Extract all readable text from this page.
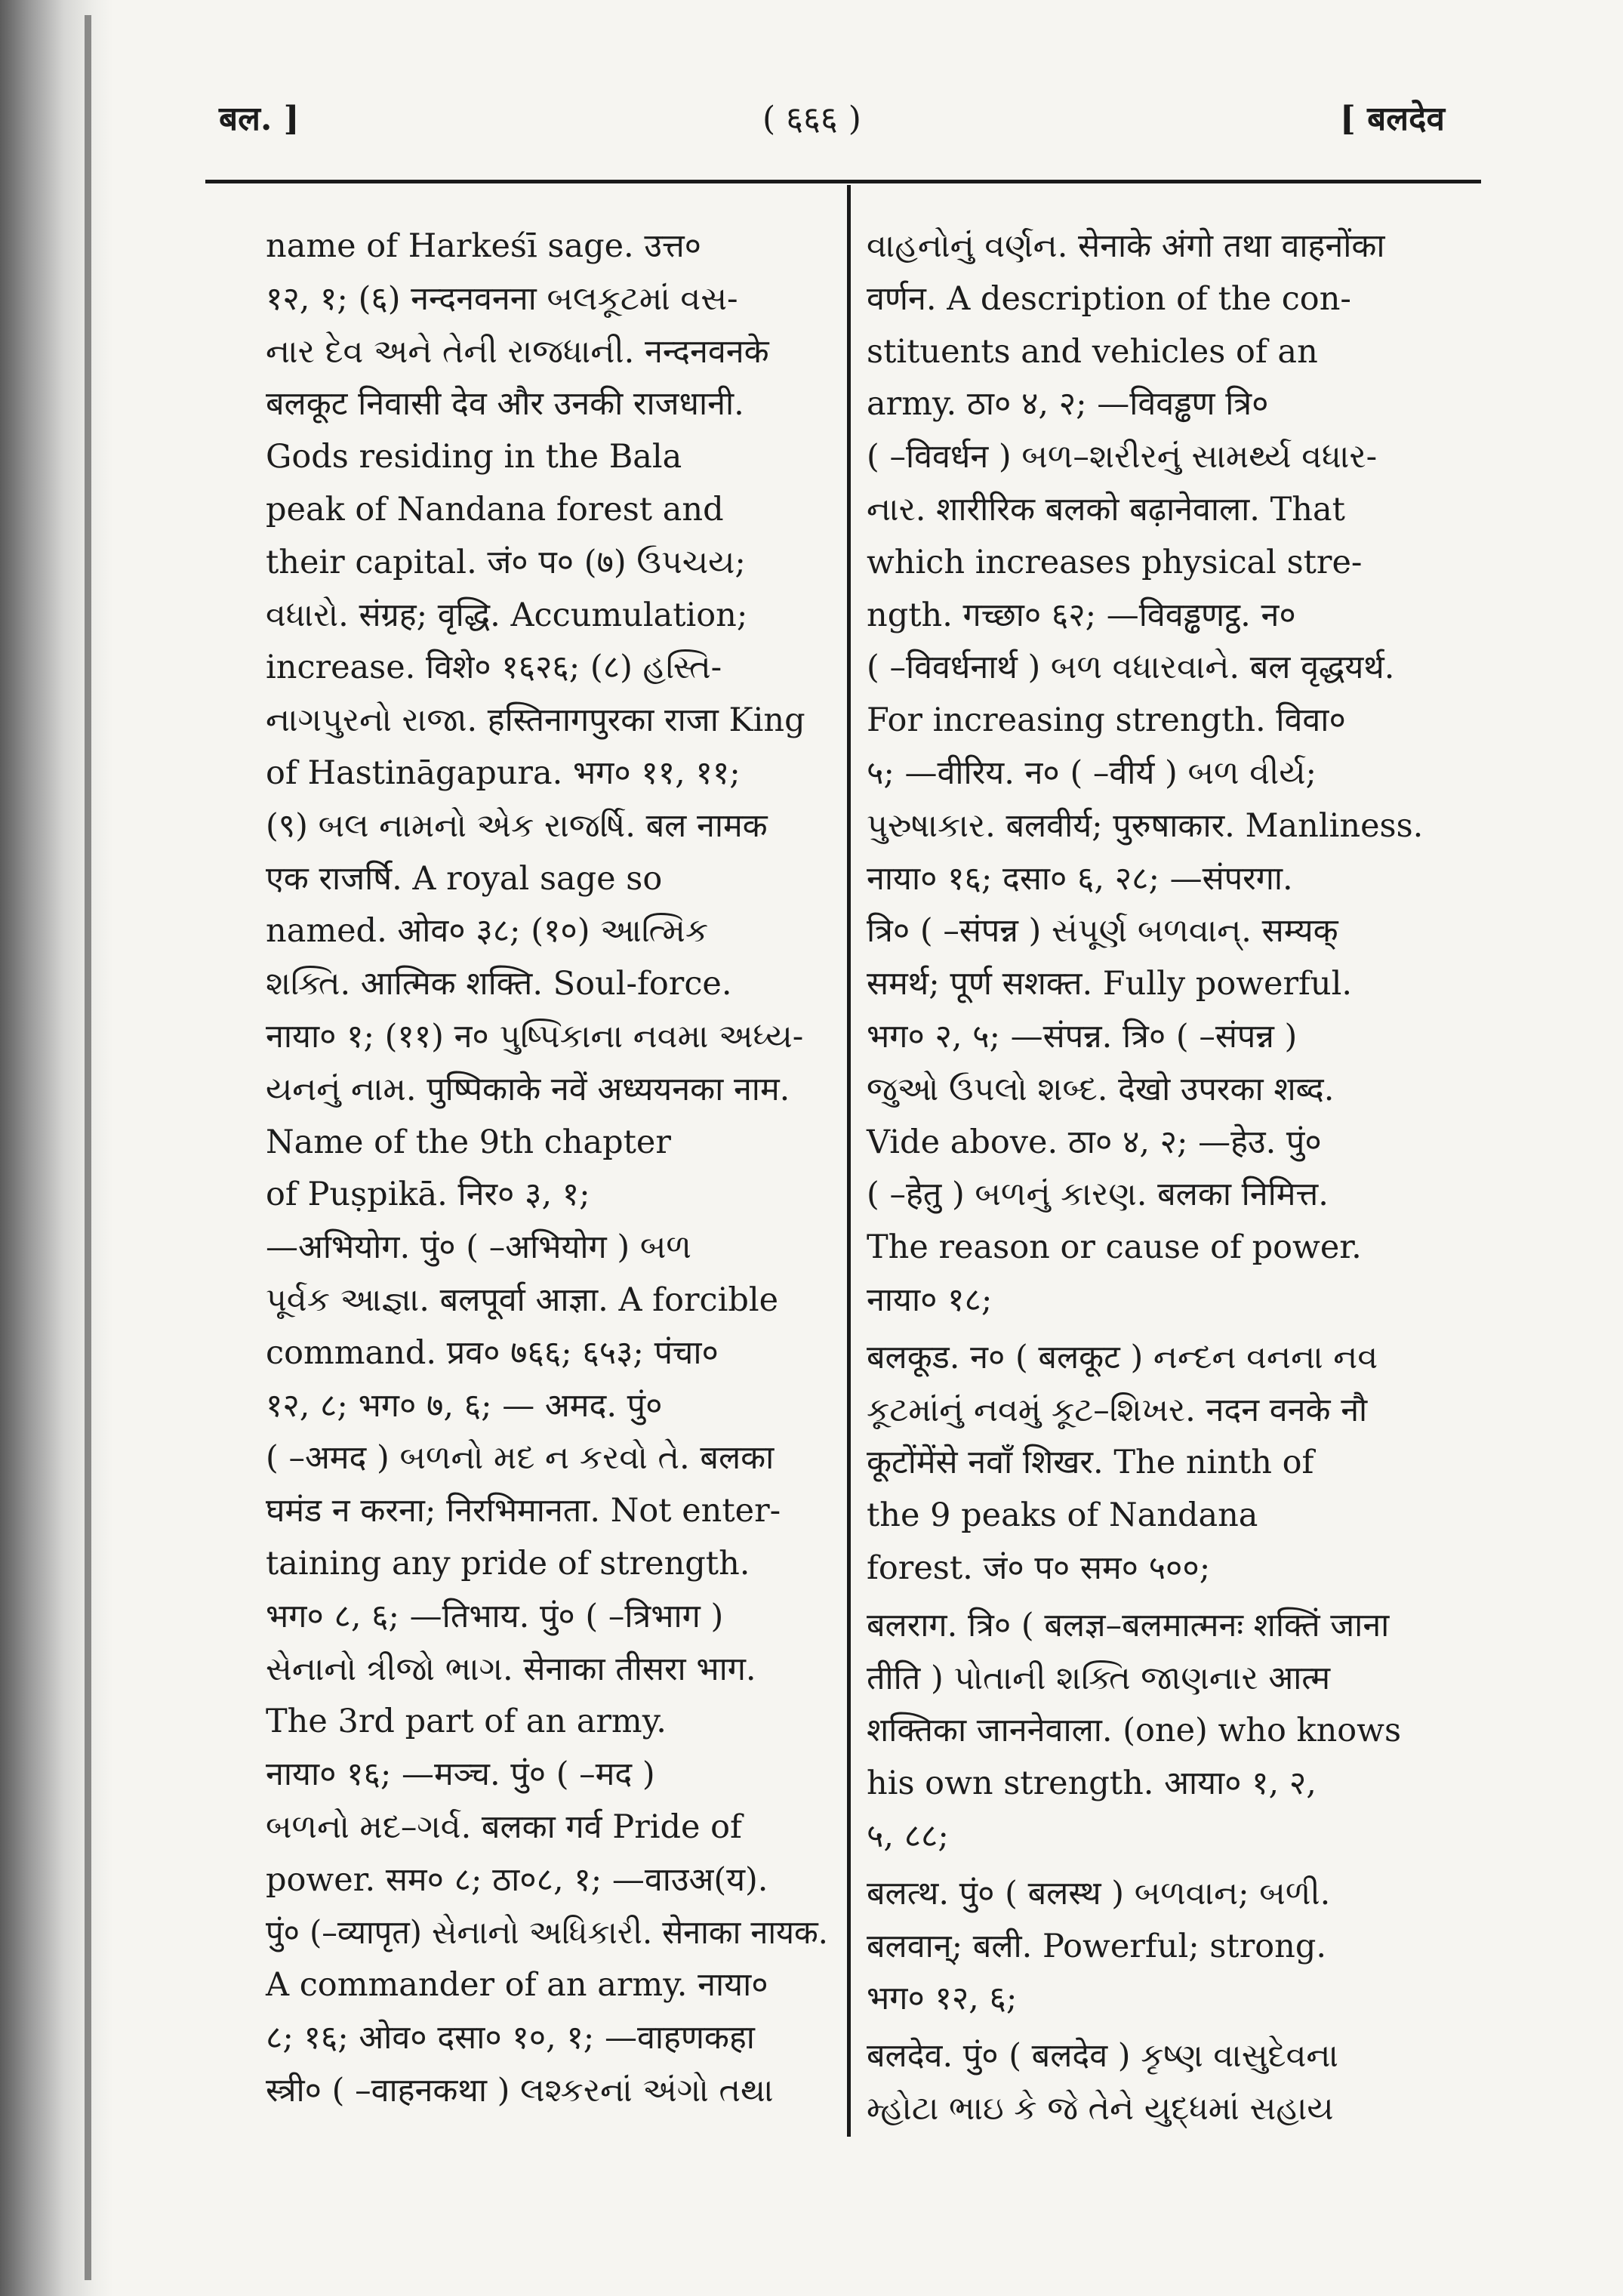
बल. ]	( ६६६ )	[ बलदेव
name of Harkeśī sage. उत्त०
१२, १; (६) नन्दनवनना બલકૂટમાં વસ-
નાર દેવ અને તેની રાજધાની. नन्दनवनके
बलकूट निवासी देव और उनकी राजधानी.
Gods residing in the Bala
peak of Nandana forest and
their capital. जं० प० (७) ઉપચય;
વધારો. संग्रह; वृद्धि. Accumulation;
increase. विशे० १६२६; (८) હસ્તિ-
નાગપુરનો રાજા. हस्तिनागपुरका राजा King
of Hastināgapura. भग० ११, ११;
(९) બલ નામનો એક રાજર્ષિ. बल नामक
एक राजर्षि. A royal sage so
named. ओव० ३८; (१०) આત્મિક
શક્તિ. आत्मिक शक्ति. Soul-force.
नाया० १; (११) न० પુષ્પિકાના નવમા અધ્ય-
યનનું નામ. पुष्पिकाके नवें अध्ययनका नाम.
Name of the 9th chapter
of Puṣpikā. निर० ३, १;
—अभियोग. पुं० ( –अभियोग ) બળ
પૂર્વક આજ્ઞા. बलपूर्वा आज्ञा. A forcible
command. प्रव० ७६६; ६५३; पंचा०
१२, ८; भग० ७, ६; — अमद. पुं०
( –अमद ) બળનો મદ ન કરવો તે. बलका
घमंड न करना; निरभिमानता. Not enter-
taining any pride of strength.
भग० ८, ६; —तिभाय. पुं० ( –त्रिभाग )
સેનાનો ત્રીજો ભાગ. सेनाका तीसरा भाग.
The 3rd part of an army.
नाया० १६; —मञ्च. पुं० ( –मद )
બળનો મદ–ગર્વ. बलका गर्व Pride of
power. सम० ८; ठा०८, १; —वाउअ(य).
पुं० (–व्यापृत) સેનાનો અધિકારી. सेनाका नायक.
A commander of an army. नाया०
८; १६; ओव० दसा० १०, १; —वाहणकहा
स्त्री० ( –वाहनकथा ) લશ્કરનાં અંગો તથા
વાહનોનું વર્ણન. सेनाके अंगो तथा वाहनोंका
वर्णन. A description of the con-
stituents and vehicles of an
army. ठा० ४, २; —विवड्ढण त्रि०
( –विवर्धन ) બળ–શરીરનું સામર્થ્ય વધાર-
નાર. शारीरिक बलको बढ़ानेवाला. That
which increases physical stre-
ngth. गच्छा० ६२; —विवड्ढणट्ठ. न०
( –विवर्धनार्थ ) બળ વધારવાને. बल वृद्धयर्थ.
For increasing strength. विवा०
५; —वीरिय. न० ( –वीर्य ) બળ વીર્ય;
પુરુષાકાર. बलवीर्य; पुरुषाकार. Manliness.
नाया० १६; दसा० ६, २८; —संपरगा.
त्रि० ( –संपन्न ) સંપૂર્ણ બળવાન્. सम्यक्
समर्थ; पूर्ण सशक्त. Fully powerful.
भग० २, ५; —संपन्न. त्रि० ( –संपन्न )
જુઓ ઉપલો શબ્દ. देखो उपरका शब्द.
Vide above. ठा० ४, २; —हेउ. पुं०
( –हेतु ) બળનું કારણ. बलका निमित्त.
The reason or cause of power.
नाया० १८;
बलकूड. न० ( बलकूट ) નન્દન વનના નવ
કૂટમાંનું નવમું કૂટ–શિખર. नदन वनके नौ
कूटोंमेंसे नवाँ शिखर. The ninth of
the 9 peaks of Nandana
forest. जं० प० सम० ५००;
बलराग. त्रि० ( बलज्ञ–बलमात्मनः शक्तिं जाना
तीति ) પોતાની શક્તિ જાણનાર आत्म
शक्तिका जाननेवाला. (one) who knows
his own strength. आया० १, २,
५, ८८;
बलत्थ. पुं० ( बलस्थ ) બળવાન; બળી.
बलवान्; बली. Powerful; strong.
भग० १२, ६;
बलदेव. पुं० ( बलदेव ) કૃષ્ણ વાસુદેવના
મ્હોટા ભાઇ કે જે તેને યુદ્ધમાં સહાય
